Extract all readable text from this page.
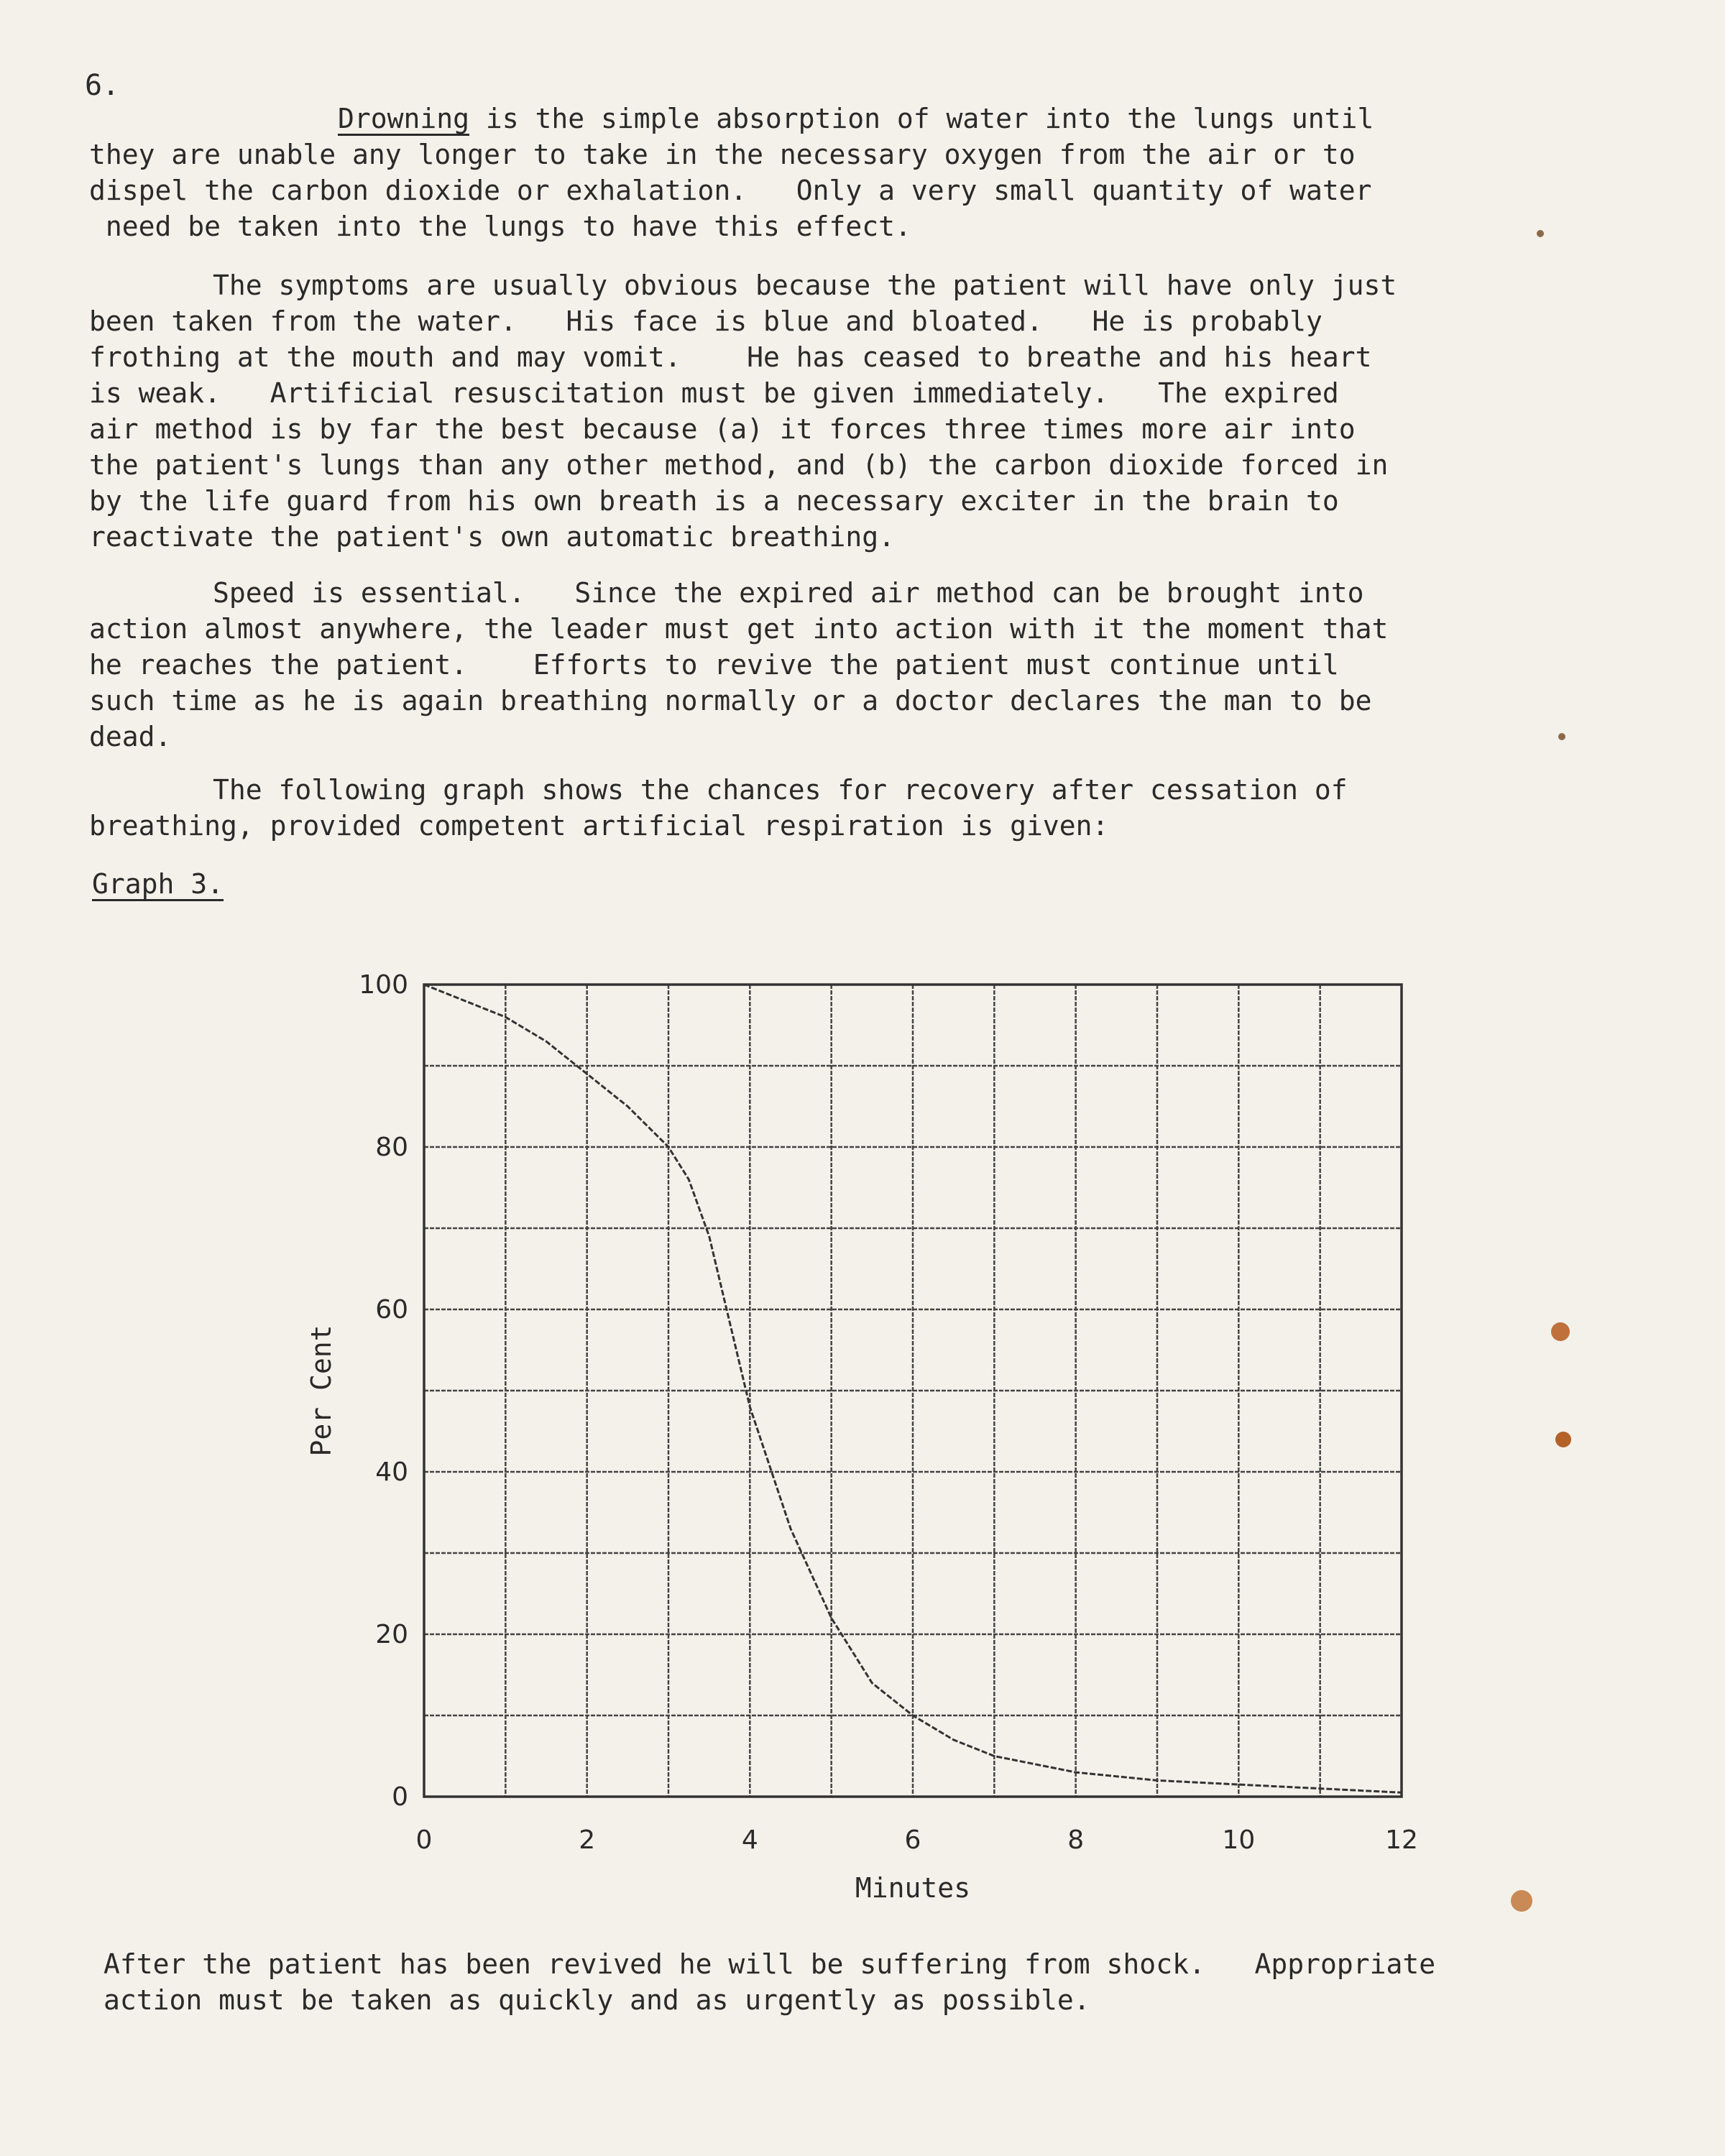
6.
Drowning is the simple absorption of water into the lungs until
they are unable any longer to take in the necessary oxygen from the air or to
dispel the carbon dioxide or exhalation.   Only a very small quantity of water
need be taken into the lungs to have this effect.
The symptoms are usually obvious because the patient will have only just
been taken from the water.   His face is blue and bloated.   He is probably
frothing at the mouth and may vomit.    He has ceased to breathe and his heart
is weak.   Artificial resuscitation must be given immediately.   The expired
air method is by far the best because (a) it forces three times more air into
the patient's lungs than any other method, and (b) the carbon dioxide forced in
by the life guard from his own breath is a necessary exciter in the brain to
reactivate the patient's own automatic breathing.
Speed is essential.   Since the expired air method can be brought into
action almost anywhere, the leader must get into action with it the moment that
he reaches the patient.    Efforts to revive the patient must continue until
such time as he is again breathing normally or a doctor declares the man to be
dead.
The following graph shows the chances for recovery after cessation of
breathing, provided competent artificial respiration is given:
Graph 3.
0	2	4	6	8	10	12
0
20
40
60
80
100
Minutes
Per Cent
After the patient has been revived he will be suffering from shock.   Appropriate
action must be taken as quickly and as urgently as possible.
